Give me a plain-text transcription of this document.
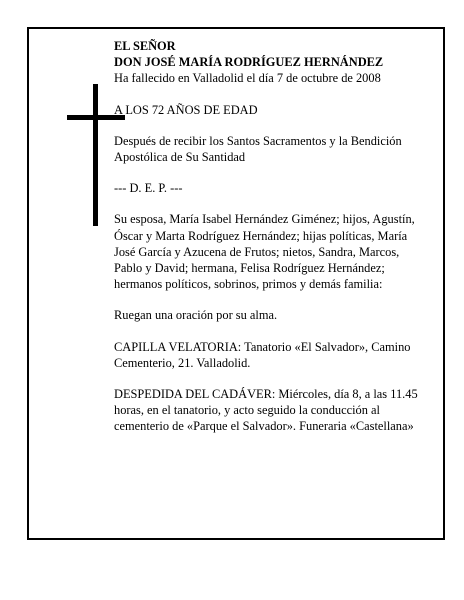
EL SEÑOR

DON JOSÉ MARÍA RODRÍGUEZ HERNÁNDEZ

Ha fallecido en Valladolid el día 7 de octubre de 2008

A LOS 72 AÑOS DE EDAD

Después de recibir los Santos Sacramentos y la Bendición Apostólica de Su Santidad

--- D. E. P. ---

Su esposa, María Isabel Hernández Giménez; hijos, Agustín, Óscar y Marta Rodríguez Hernández; hijas políticas, María José García y Azucena de Frutos; nietos, Sandra, Marcos, Pablo y David; hermana, Felisa Rodríguez Hernández; hermanos políticos, sobrinos, primos y demás familia:

Ruegan una oración por su alma.

CAPILLA VELATORIA: Tanatorio «El Salvador», Camino Cementerio, 21. Valladolid.

DESPEDIDA DEL CADÁVER: Miércoles, día 8, a las 11.45 horas, en el tanatorio, y acto seguido la conducción al cementerio de «Parque el Salvador». Funeraria «Castellana»
